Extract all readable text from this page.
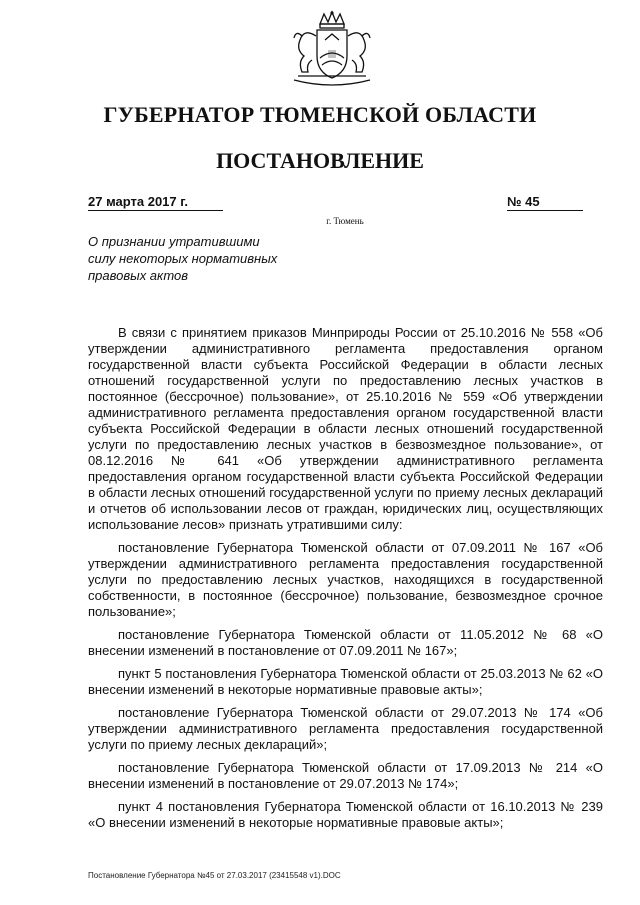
ГУБЕРНАТОР ТЮМЕНСКОЙ ОБЛАСТИ
ПОСТАНОВЛЕНИЕ
27 марта 2017 г.	№ 45
г. Тюмень
О признании утратившими
силу некоторых нормативных
правовых актов

В связи с принятием приказов Минприроды России от 25.10.2016 № 558 «Об утверждении административного регламента предоставления органом государственной власти субъекта Российской Федерации в области лесных отношений государственной услуги по предоставлению лесных участков в постоянное (бессрочное) пользование», от 25.10.2016 № 559 «Об утверждении административного регламента предоставления органом государственной власти субъекта Российской Федерации в области лесных отношений государственной услуги по предоставлению лесных участков в безвозмездное пользование», от 08.12.2016 № 641 «Об утверждении административного регламента предоставления органом государственной власти субъекта Российской Федерации в области лесных отношений государственной услуги по приему лесных деклараций и отчетов об использовании лесов от граждан, юридических лиц, осуществляющих использование лесов» признать утратившими силу:

постановление Губернатора Тюменской области от 07.09.2011 № 167 «Об утверждении административного регламента предоставления государственной услуги по предоставлению лесных участков, находящихся в государственной собственности, в постоянное (бессрочное) пользование, безвозмездное срочное пользование»;

постановление Губернатора Тюменской области от 11.05.2012 № 68 «О внесении изменений в постановление от 07.09.2011 № 167»;

пункт 5 постановления Губернатора Тюменской области от 25.03.2013 № 62 «О внесении изменений в некоторые нормативные правовые акты»;

постановление Губернатора Тюменской области от 29.07.2013 № 174 «Об утверждении административного регламента предоставления государственной услуги по приему лесных деклараций»;

постановление Губернатора Тюменской области от 17.09.2013 № 214 «О внесении изменений в постановление от 29.07.2013 № 174»;

пункт 4 постановления Губернатора Тюменской области от 16.10.2013 № 239 «О внесении изменений в некоторые нормативные правовые акты»;

Постановление Губернатора №45 от 27.03.2017 (23415548 v1).DOC
